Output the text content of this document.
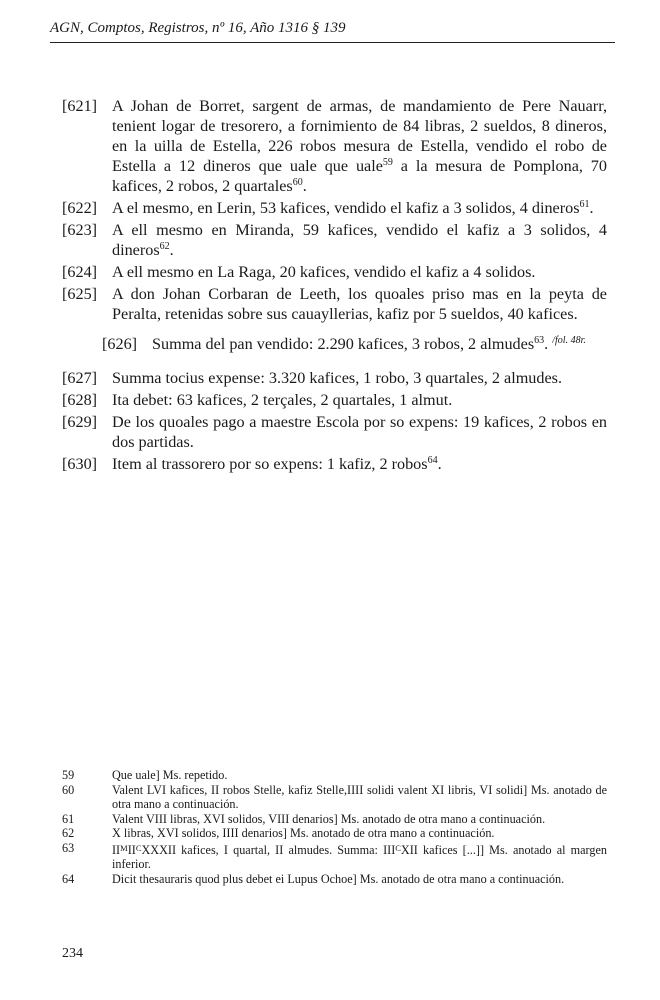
AGN, Comptos, Registros, nº 16, Año 1316 § 139
[621] A Johan de Borret, sargent de armas, de mandamiento de Pere Nauarr, tenient logar de tresorero, a fornimiento de 84 libras, 2 sueldos, 8 dineros, en la uilla de Estella, 226 robos mesura de Estella, vendido el robo de Estella a 12 dineros que uale que uale$^{59}$ a la mesura de Pomplona, 70 kafices, 2 robos, 2 quartales$^{60}$.
[622] A el mesmo, en Lerin, 53 kafices, vendido el kafiz a 3 solidos, 4 dineros$^{61}$.
[623] A ell mesmo en Miranda, 59 kafices, vendido el kafiz a 3 solidos, 4 dineros$^{62}$.
[624] A ell mesmo en La Raga, 20 kafices, vendido el kafiz a 4 solidos.
[625] A don Johan Corbaran de Leeth, los quoales priso mas en la peyta de Peralta, retenidas sobre sus cauayllerias, kafiz por 5 sueldos, 40 kafices.
[626] Summa del pan vendido: 2.290 kafices, 3 robos, 2 almudes$^{63}$. $^{/fol. 48r.}$
[627] Summa tocius expense: 3.320 kafices, 1 robo, 3 quartales, 2 almudes.
[628] Ita debet: 63 kafices, 2 terçales, 2 quartales, 1 almut.
[629] De los quoales pago a maestre Escola por so expens: 19 kafices, 2 robos en dos partidas.
[630] Item al trassorero por so expens: 1 kafiz, 2 robos$^{64}$.
59	Que uale] Ms. repetido.
60	Valent LVI kafices, II robos Stelle, kafiz Stelle,IIII solidi valent XI libris, VI solidi] Ms. anotado de otra mano a continuación.
61	Valent VIII libras, XVI solidos, VIII denarios] Ms. anotado de otra mano a continuación.
62	X libras, XVI solidos, IIII denarios] Ms. anotado de otra mano a continuación.
63	$II^MII^CXXXII$ kafices, I quartal, II almudes. Summa: $III^CXII$ kafices [...]] Ms. anotado al margen inferior.
64	Dicit thesauraris quod plus debet ei Lupus Ochoe] Ms. anotado de otra mano a continuación.
234
